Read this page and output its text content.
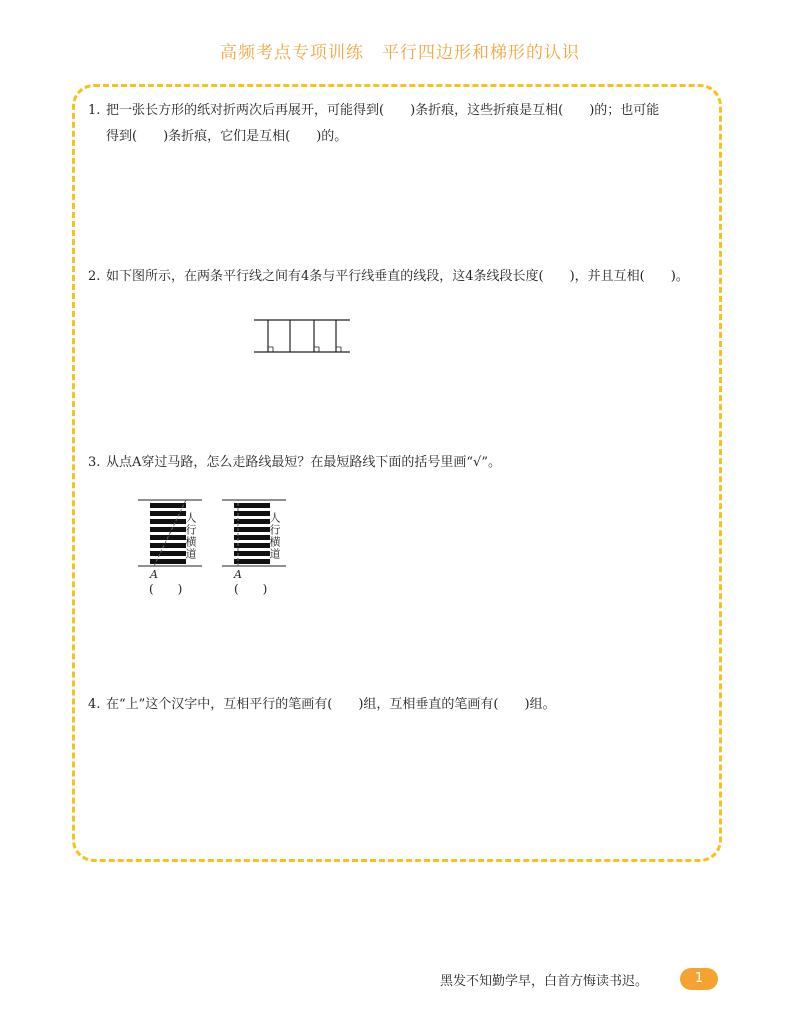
高频考点专项训练　平行四边形和梯形的认识
1. 把一张长方形的纸对折两次后再展开，可能得到(　　)条折痕，这些折痕是互相(　　)的；也可能
得到(　　)条折痕，它们是互相(　　)的。
2. 如下图所示，在两条平行线之间有4条与平行线垂直的线段，这4条线段长度(　　)，并且互相(　　)。
3. 从点A穿过马路，怎么走路线最短？在最短路线下面的括号里画“√”。
人行横道
A
(　　)
人行横道
A
(　　)
4. 在“上”这个汉字中，互相平行的笔画有(　　)组，互相垂直的笔画有(　　)组。
黑发不知勤学早，白首方悔读书迟。	1
